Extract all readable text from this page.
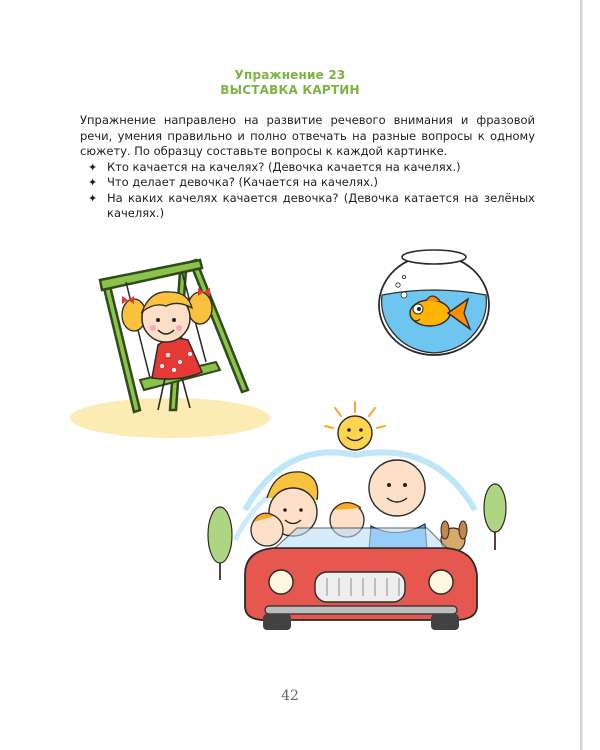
Упражнение 23
ВЫСТАВКА КАРТИН

Упражнение направлено на развитие речевого внимания и фразовой речи, умения правильно и полно отвечать на разные вопросы к одному сюжету. По образцу составьте вопросы к каждой картинке.

✦ Кто качается на качелях? (Девочка качается на качелях.)
✦ Что делает девочка? (Качается на качелях.)
✦ На каких качелях качается девочка? (Девочка катается на зелёных качелях.)
42
